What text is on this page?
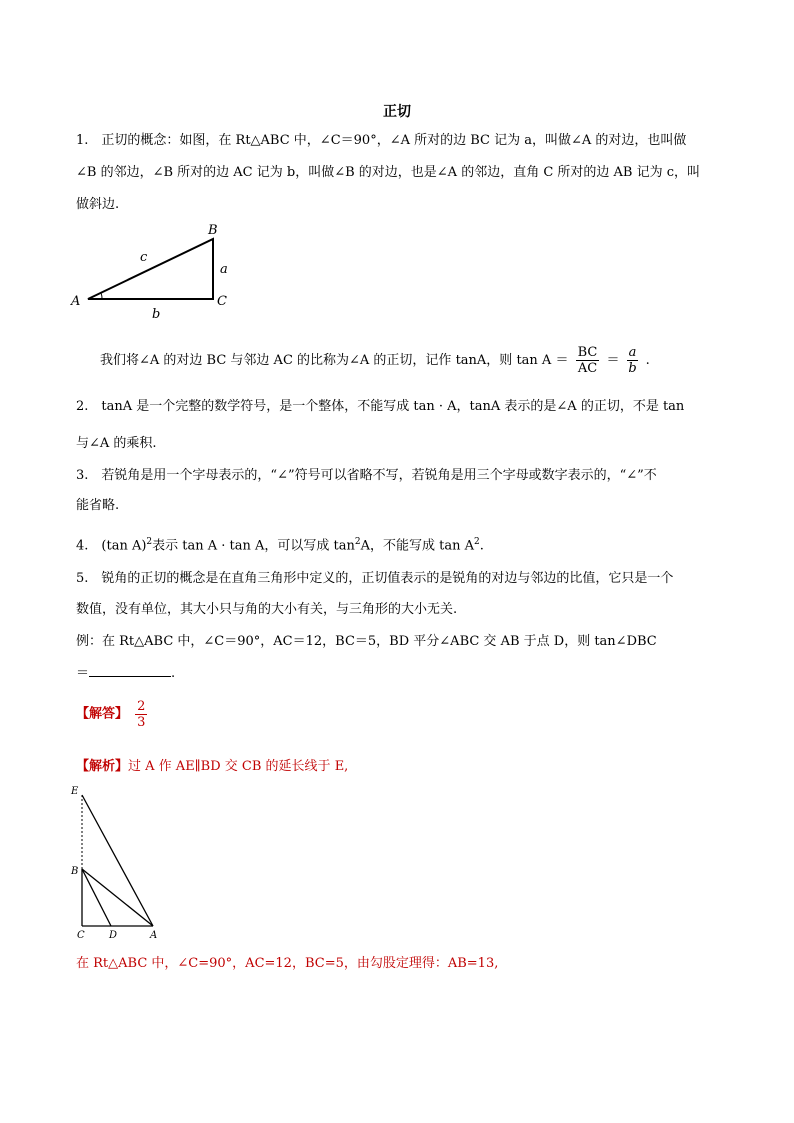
正切
1.　正切的概念：如图，在 Rt△ABC 中，∠C＝90°，∠A 所对的边 BC 记为 a，叫做∠A 的对边，也叫做
∠B 的邻边，∠B 所对的边 AC 记为 b，叫做∠B 的对边，也是∠A 的邻边，直角 C 所对的边 AB 记为 c，叫
做斜边.
B
A	C
a
b
c
我们将∠A 的对边 BC 与邻边 AC 的比称为∠A 的正切，记作 tanA，则 $\tan A = \frac{BC}{AC} = \frac{a}{b}$ .
2.　tanA 是一个完整的数学符号，是一个整体，不能写成 tan · A，tanA 表示的是∠A 的正切，不是 tan
与∠A 的乘积.
3.　若锐角是用一个字母表示的，“∠”符号可以省略不写，若锐角是用三个字母或数字表示的，“∠”不
能省略.
4.　(tan A)$^2$表示 tan A · tan A，可以写成 $\tan^2A$，不能写成 $\tan A^2$.
5.　锐角的正切的概念是在直角三角形中定义的，正切值表示的是锐角的对边与邻边的比值，它只是一个
数值，没有单位，其大小只与角的大小有关，与三角形的大小无关.
例：在 Rt△ABC 中，∠C＝90°，AC＝12，BC＝5，BD 平分∠ABC 交 AB 于点 D，则 tan∠DBC
＝	.
【解答】 $\frac{2}{3}$
【解析】过 A 作 AE∥BD 交 CB 的延长线于 E,
E
B
C D	A
在 Rt△ABC 中，∠C=90°，AC=12，BC=5，由勾股定理得：AB=13,
